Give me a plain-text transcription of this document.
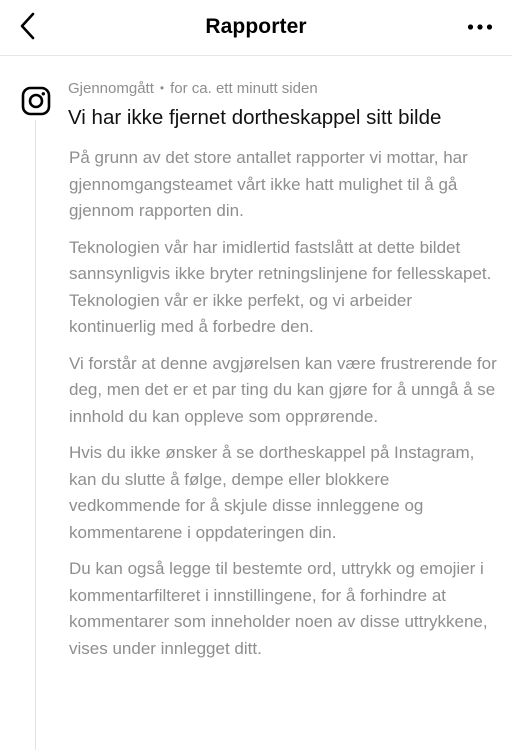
Rapporter
Gjennomgått • for ca. ett minutt siden
Vi har ikke fjernet dortheskappel sitt bilde

På grunn av det store antallet rapporter vi mottar, har gjennomgangsteamet vårt ikke hatt mulighet til å gå gjennom rapporten din.

Teknologien vår har imidlertid fastslått at dette bildet sannsynligvis ikke bryter retningslinjene for fellesskapet. Teknologien vår er ikke perfekt, og vi arbeider kontinuerlig med å forbedre den.

Vi forstår at denne avgjørelsen kan være frustrerende for deg, men det er et par ting du kan gjøre for å unngå å se innhold du kan oppleve som opprørende.

Hvis du ikke ønsker å se dortheskappel på Instagram, kan du slutte å følge, dempe eller blokkere vedkommende for å skjule disse innleggene og kommentarene i oppdateringen din.

Du kan også legge til bestemte ord, uttrykk og emojier i kommentarfilteret i innstillingene, for å forhindre at kommentarer som inneholder noen av disse uttrykkene, vises under innlegget ditt.
